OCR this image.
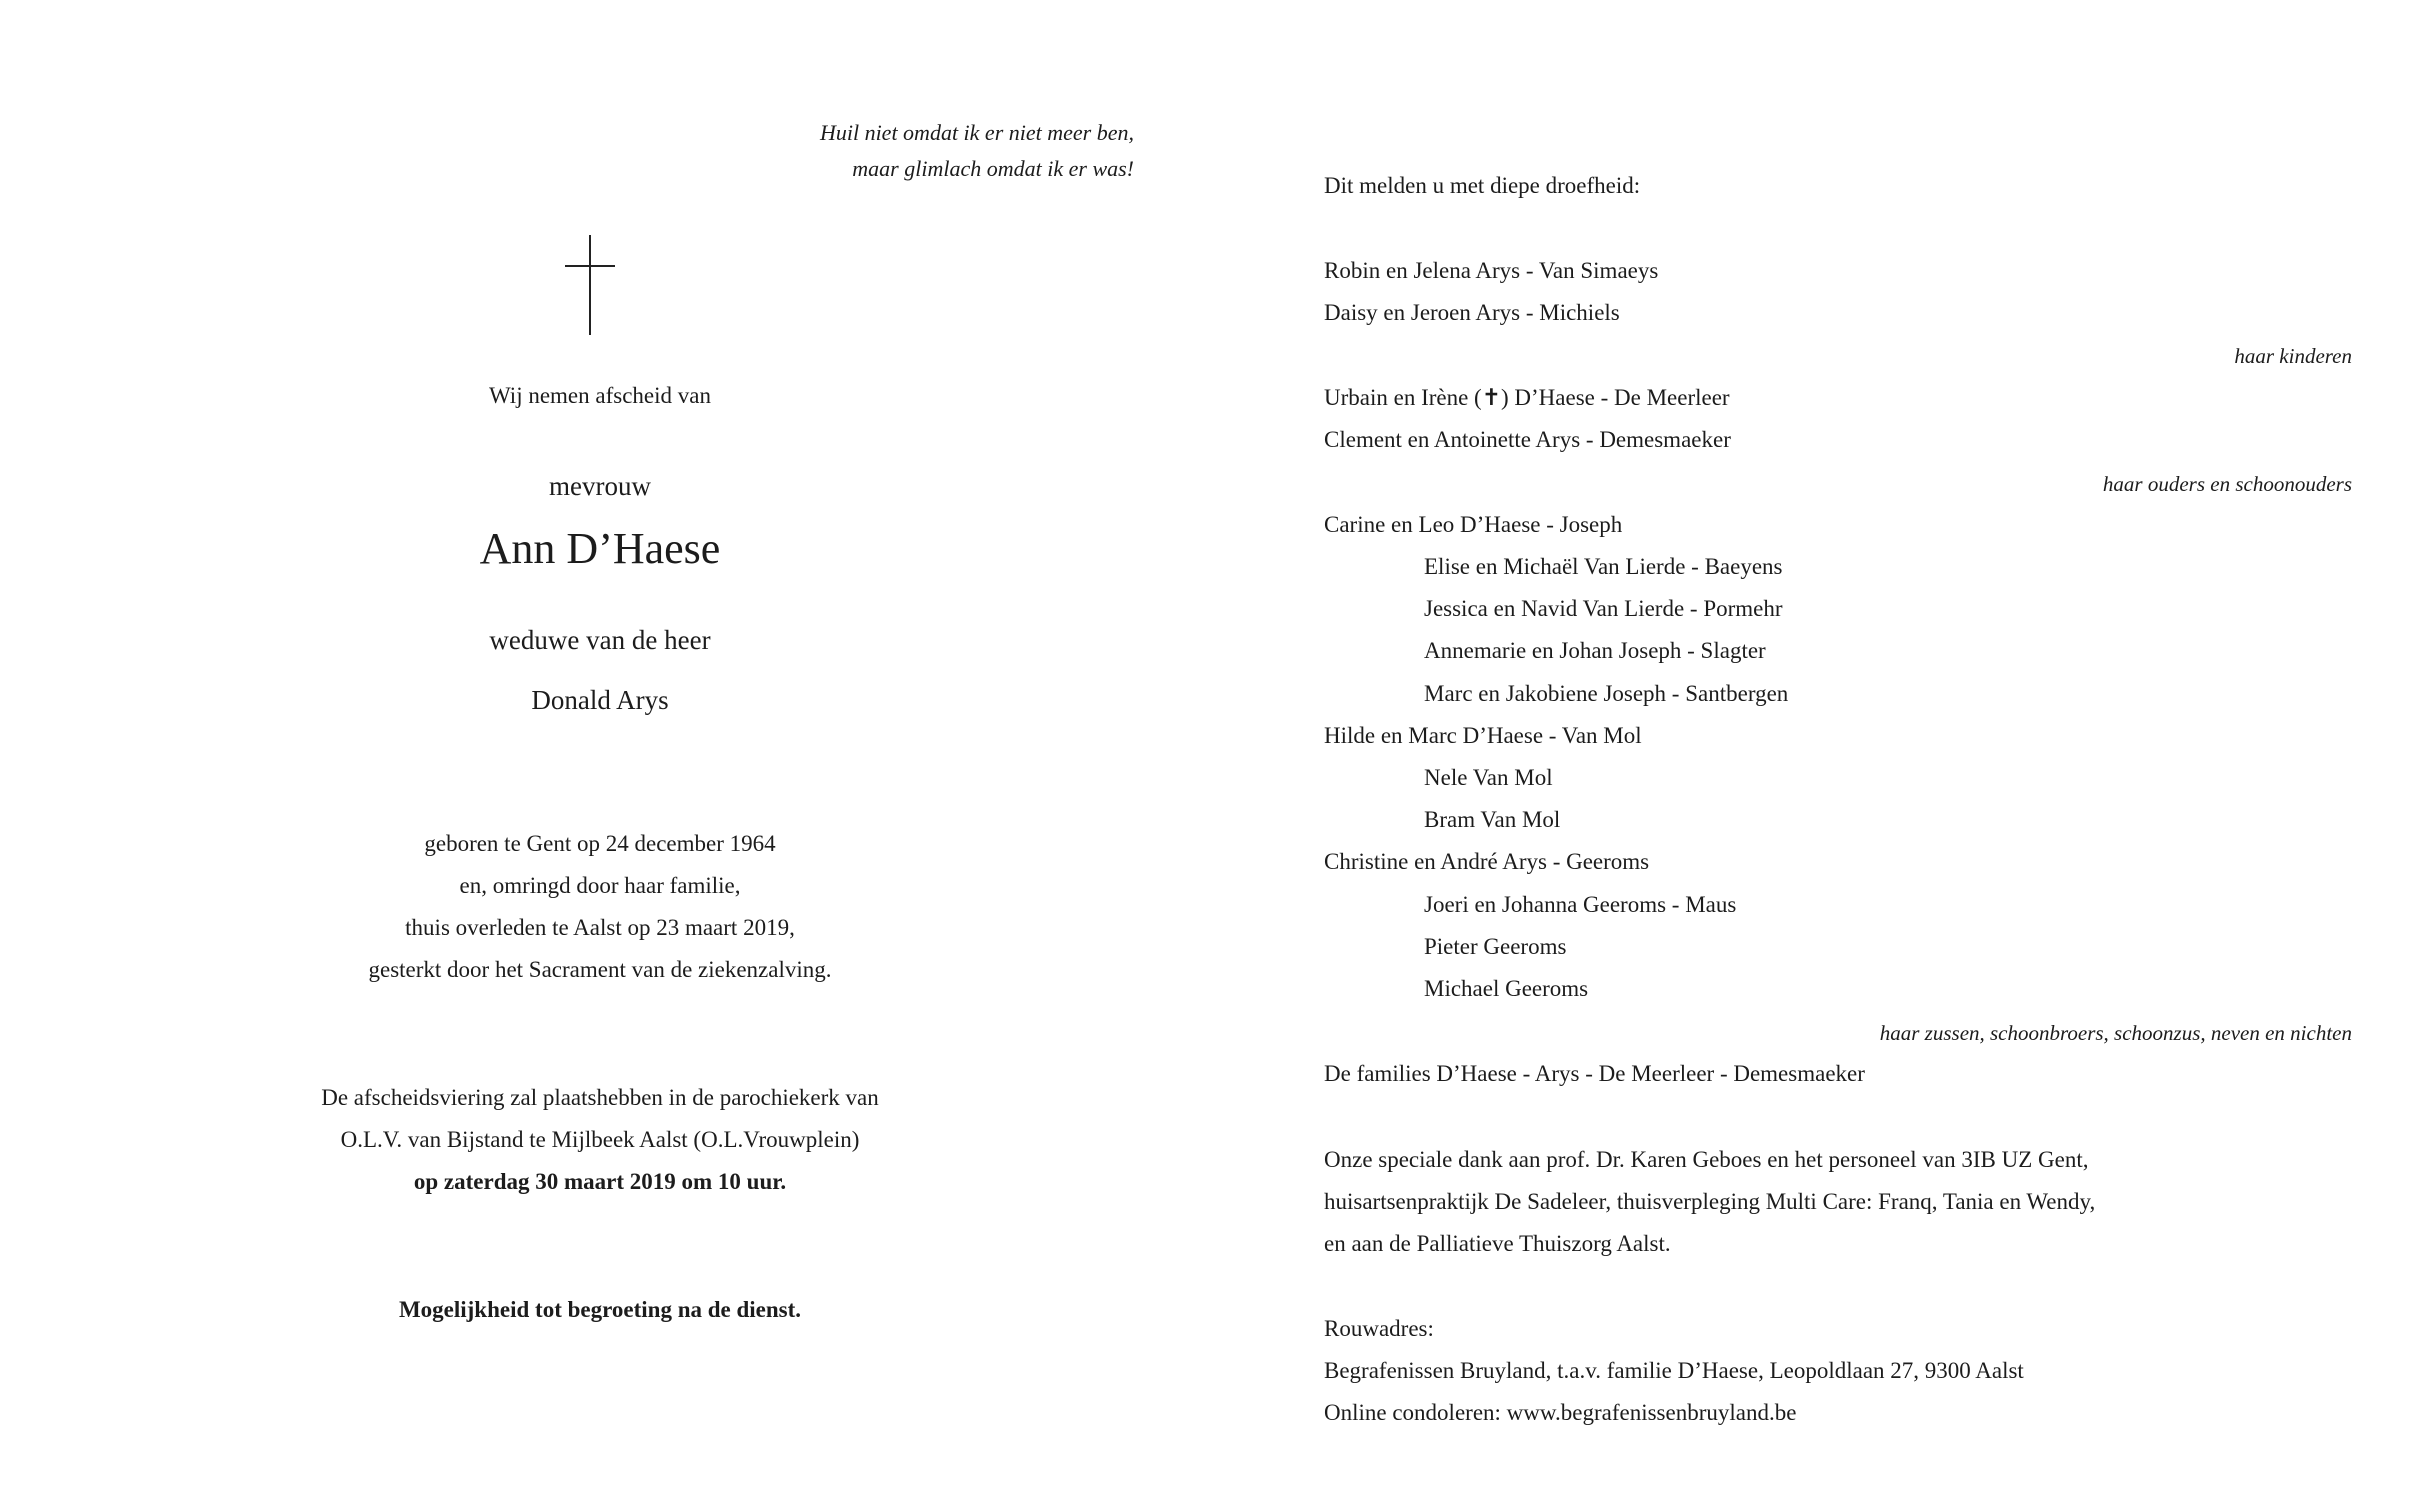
Huil niet omdat ik er niet meer ben,
maar glimlach omdat ik er was!
Wij nemen afscheid van
mevrouw
Ann D’Haese
weduwe van de heer
Donald Arys
geboren te Gent op 24 december 1964
en, omringd door haar familie,
thuis overleden te Aalst op 23 maart 2019,
gesterkt door het Sacrament van de ziekenzalving.
De afscheidsviering zal plaatshebben in de parochiekerk van
O.L.V. van Bijstand te Mijlbeek Aalst (O.L.Vrouwplein)
op zaterdag 30 maart 2019 om 10 uur.
Mogelijkheid tot begroeting na de dienst.
Dit melden u met diepe droefheid:
Robin en Jelena Arys - Van Simaeys
Daisy en Jeroen Arys - Michiels
haar kinderen
Urbain en Irène (✝) D’Haese - De Meerleer
Clement en Antoinette Arys - Demesmaeker
haar ouders en schoonouders
Carine en Leo D’Haese - Joseph
Elise en Michaël Van Lierde - Baeyens
Jessica en Navid Van Lierde - Pormehr
Annemarie en Johan Joseph - Slagter
Marc en Jakobiene Joseph - Santbergen
Hilde en Marc D’Haese - Van Mol
Nele Van Mol
Bram Van Mol
Christine en André Arys - Geeroms
Joeri en Johanna Geeroms - Maus
Pieter Geeroms
Michael Geeroms
haar zussen, schoonbroers, schoonzus, neven en nichten
De families D’Haese - Arys - De Meerleer - Demesmaeker
Onze speciale dank aan prof. Dr. Karen Geboes en het personeel van 3IB UZ Gent,
huisartsenpraktijk De Sadeleer, thuisverpleging Multi Care: Franq, Tania en Wendy,
en aan de Palliatieve Thuiszorg Aalst.
Rouwadres:
Begrafenissen Bruyland, t.a.v. familie D’Haese, Leopoldlaan 27, 9300 Aalst
Online condoleren: www.begrafenissenbruyland.be
